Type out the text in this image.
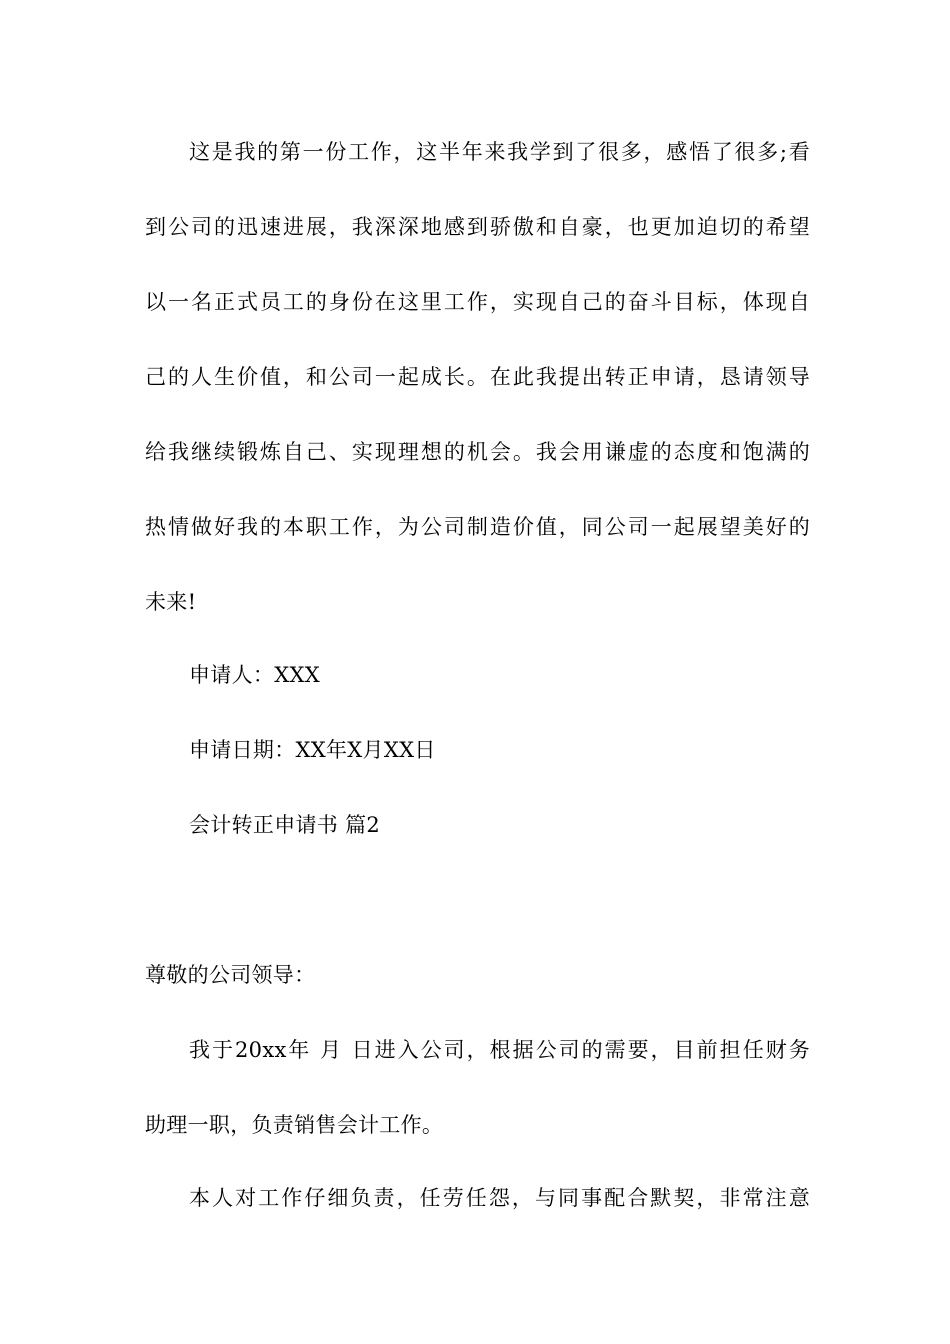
这是我的第一份工作，这半年来我学到了很多，感悟了很多;看
到公司的迅速进展，我深深地感到骄傲和自豪，也更加迫切的希望
以一名正式员工的身份在这里工作，实现自己的奋斗目标，体现自
己的人生价值，和公司一起成长。在此我提出转正申请，恳请领导
给我继续锻炼自己、实现理想的机会。我会用谦虚的态度和饱满的
热情做好我的本职工作，为公司制造价值，同公司一起展望美好的
未来!
申请人：XXX
申请日期：XX年X月XX日
会计转正申请书 篇2
尊敬的公司领导：
我于20xx年 月 日进入公司，根据公司的需要，目前担任财务
助理一职，负责销售会计工作。
本人对工作仔细负责，任劳任怨，与同事配合默契，非常注意
